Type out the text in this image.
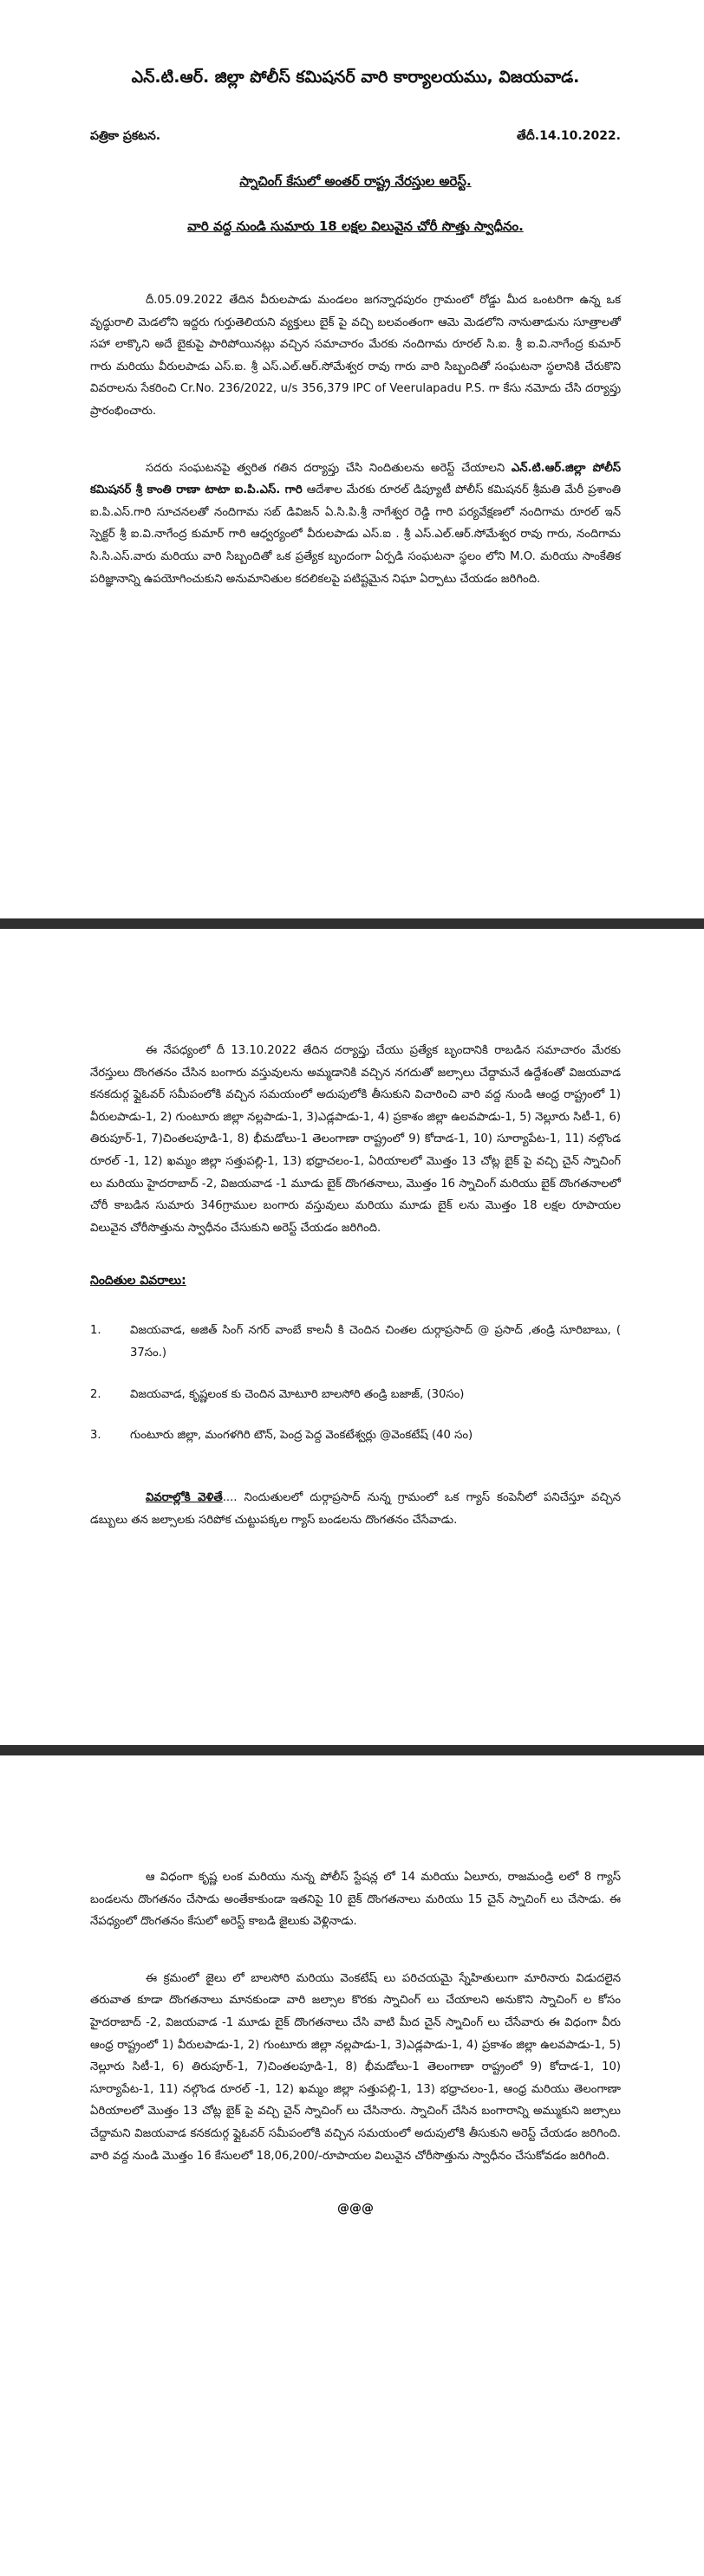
ఎన్.టి.ఆర్. జిల్లా పోలీస్ కమిషనర్ వారి కార్యాలయము, విజయవాడ.
పత్రికా ప్రకటన.	తేదీ.14.10.2022.
స్నాచింగ్ కేసులో అంతర్ రాష్ట్ర నేరస్తుల అరెస్ట్.
వారి వద్ద నుండి సుమారు 18 లక్షల విలువైన చోరీ సొత్తు స్వాధీనం.

దీ.05.09.2022 తేదిన వీరులపాడు మండలం జగన్నాధపురం గ్రామంలో రోడ్డు మీద ఒంటరిగా ఉన్న ఒక వృద్ధురాలి మెడలోని ఇద్దరు గుర్తుతెలియని వ్యక్తులు బైక్ పై వచ్చి బలవంతంగా ఆమె మెడలోని నానుతాడును సూత్రాలతో సహా లాక్కొని అదే బైకుపై పారిపోయినట్లు వచ్చిన సమాచారం మేరకు నందిగామ రూరల్ సి.ఐ. శ్రీ ఐ.వి.నాగేంద్ర కుమార్ గారు మరియు వీరులపాడు ఎస్.ఐ. శ్రీ ఎస్.ఎల్.ఆర్.సోమేశ్వర రావు గారు వారి సిబ్బందితో సంఘటనా స్థలానికి చేరుకొని వివరాలను సేకరించి Cr.No. 236/2022, u/s 356,379 IPC of Veerulapadu P.S. గా కేసు నమోదు చేసి దర్యాప్తు ప్రారంభించారు.

సదరు సంఘటనపై త్వరిత గతిన దర్యాప్తు చేసి నిందితులను అరెస్ట్ చేయాలని ఎన్.టి.ఆర్.జిల్లా పోలీస్ కమిషనర్ శ్రీ కాంతి రాణా టాటా ఐ.పి.ఎస్. గారి ఆదేశాల మేరకు రూరల్ డిప్యూటీ పోలీస్ కమిషనర్ శ్రీమతి మేరీ ప్రశాంతి ఐ.పి.ఎస్.గారి సూచనలతో నందిగామ సబ్ డివిజన్ ఏ.సి.పి.శ్రీ నాగేశ్వర రెడ్డి గారి పర్యవేక్షణలో నందిగామ రూరల్ ఇన్ స్పెక్టర్ శ్రీ ఐ.వి.నాగేంద్ర కుమార్ గారి ఆధ్వర్యంలో వీరులపాడు ఎస్.ఐ . శ్రీ ఎస్.ఎల్.ఆర్.సోమేశ్వర రావు గారు, నందిగామ సి.సి.ఎస్.వారు మరియు వారి సిబ్బందితో ఒక ప్రత్యేక బృందంగా ఏర్పడి సంఘటనా స్థలం లోని M.O. మరియు సాంకేతిక పరిజ్ఞానాన్ని ఉపయోగించుకుని అనుమానితుల కదలికలపై పటిష్టమైన నిఘా ఏర్పాటు చేయడం జరిగింది.

ఈ నేపధ్యంలో దీ 13.10.2022 తేదిన దర్యాప్తు చేయు ప్రత్యేక బృందానికి రాబడిన సమాచారం మేరకు నేరస్తులు దొంగతనం చేసిన బంగారు వస్తువులను అమ్మడానికి వచ్చిన నగదుతో జల్సాలు చేద్దామనే ఉద్దేశంతో విజయవాడ కనకదుర్గ ఫ్లైఓవర్ సమీపంలోకి వచ్చిన సమయంలో అదుపులోకి తీసుకుని విచారించి వారి వద్ద నుండి ఆంధ్ర రాష్ట్రంలో 1) వీరులపాడు-1, 2) గుంటూరు జిల్లా నల్లపాడు-1, 3)ఎడ్లపాడు-1, 4) ప్రకాశం జిల్లా ఉలవపాడు-1, 5) నెల్లూరు సిటీ-1, 6) తిరుపూర్-1, 7)చింతలపూడి-1, 8) భీమడోలు-1 తెలంగాణా రాష్ట్రంలో 9) కోదాడ-1, 10) సూర్యాపేట-1, 11) నల్గొండ రూరల్ -1, 12) ఖమ్మం జిల్లా సత్తుపల్లి-1, 13) భధ్రాచలం-1, ఏరియాలలో మొత్తం 13 చోట్ల బైక్ పై వచ్చి చైన్ స్నాచింగ్ లు మరియు హైదరాబాద్ -2, విజయవాడ -1 మూడు బైక్ దొంగతనాలు, మొత్తం 16 స్నాచింగ్ మరియు బైక్ దొంగతనాలలో చోరీ కాబడిన సుమారు 346గ్రాముల బంగారు వస్తువులు మరియు మూడు బైక్ లను మొత్తం 18 లక్షల రూపాయల విలువైన చోరీసొత్తును స్వాధీనం చేసుకుని అరెస్ట్ చేయడం జరిగింది.

నిందితుల వివరాలు:
1.	విజయవాడ, అజిత్ సింగ్ నగర్ వాంబే కాలనీ కి చెందిన చింతల దుర్గాప్రసాద్ @ ప్రసాద్ ,తండ్రి సూరిబాబు, ( 37సం.)
2.	విజయవాడ, కృష్ణలంక కు చెందిన మోటూరి బాలసోరి తండ్రి బజాజ్, (30సం)
3.	గుంటూరు జిల్లా, మంగళగిరి టౌన్, పెంద్ర పెద్ద వెంకటేశ్వర్లు @వెంకటేష్ (40 సం)

వివరాల్లోకి వెళితే.... నిందుతులలో దుర్గాప్రసాద్ నున్న గ్రామంలో ఒక గ్యాస్ కంపెనీలో పనిచేస్తూ వచ్చిన డబ్బులు తన జల్సాలకు సరిపోక చుట్టుపక్కల గ్యాస్ బండలను దొంగతనం చేసేవాడు.

ఆ విధంగా కృష్ణ లంక మరియు నున్న పోలీస్ స్టేషన్ల లో 14 మరియు ఏలూరు, రాజమండ్రి లలో 8 గ్యాస్ బండలను దొంగతనం చేసాడు అంతేకాకుండా ఇతనిపై 10 బైక్ దొంగతనాలు మరియు 15 చైన్ స్నాచింగ్ లు చేసాడు. ఈ నేపధ్యంలో దొంగతనం కేసులో అరెస్ట్ కాబడి జైలుకు వెళ్లినాడు.

ఈ క్రమంలో జైలు లో బాలసోరి మరియు వెంకటేష్ లు పరిచయమై స్నేహితులుగా మారినారు విడుదలైన తరువాత కూడా దొంగతనాలు మానకుండా వారి జల్సాల కొరకు స్నాచింగ్ లు చేయాలని అనుకొని స్నాచింగ్ ల కోసం హైదరాబాద్ -2, విజయవాడ -1 మూడు బైక్ దొంగతనాలు చేసి వాటి మీద చైన్ స్నాచింగ్ లు చేసేవారు ఈ విధంగా వీరు ఆంధ్ర రాష్ట్రంలో 1) వీరులపాడు-1, 2) గుంటూరు జిల్లా నల్లపాడు-1, 3)ఎడ్లపాడు-1, 4) ప్రకాశం జిల్లా ఉలవపాడు-1, 5) నెల్లూరు సిటీ-1, 6) తిరుపూర్-1, 7)చింతలపూడి-1, 8) భీమడోలు-1 తెలంగాణా రాష్ట్రంలో 9) కోదాడ-1, 10) సూర్యాపేట-1, 11) నల్గొండ రూరల్ -1, 12) ఖమ్మం జిల్లా సత్తుపల్లి-1, 13) భధ్రాచలం-1, ఆంధ్ర మరియు తెలంగాణా ఏరియాలలో మొత్తం 13 చోట్ల బైక్ పై వచ్చి చైన్ స్నాచింగ్ లు చేసినారు. స్నాచింగ్ చేసిన బంగారాన్ని అమ్ముకుని జల్సాలు చేద్దామని విజయవాడ కనకదుర్గ ఫ్లైఓవర్ సమీపంలోకి వచ్చిన సమయంలో అదుపులోకి తీసుకుని అరెస్ట్ చేయడం జరిగింది. వారి వద్ద నుండి మొత్తం 16 కేసులలో 18,06,200/-రూపాయల విలువైన చోరీసొత్తును స్వాధీనం చేసుకోవడం జరిగింది.

@@@
